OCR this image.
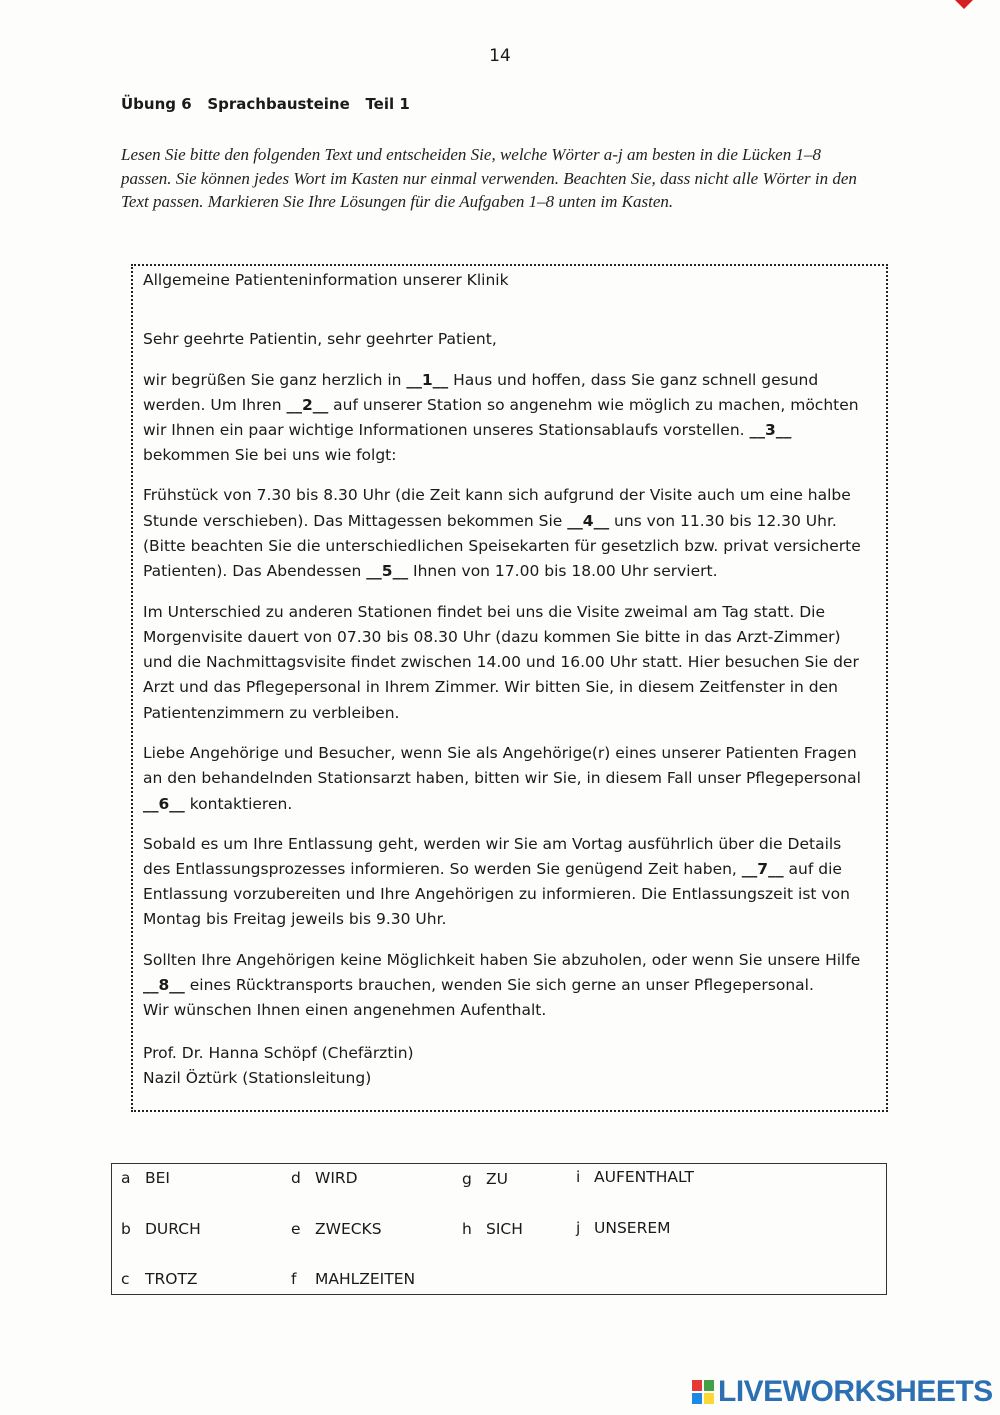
14
Übung 6   Sprachbausteine   Teil 1
Lesen Sie bitte den folgenden Text und entscheiden Sie, welche Wörter a-j am besten in die Lücken 1–8 passen. Sie können jedes Wort im Kasten nur einmal verwenden. Beachten Sie, dass nicht alle Wörter in den Text passen. Markieren Sie Ihre Lösungen für die Aufgaben 1–8 unten im Kasten.
Allgemeine Patienteninformation unserer Klinik
Sehr geehrte Patientin, sehr geehrter Patient,
wir begrüßen Sie ganz herzlich in __1__ Haus und hoffen, dass Sie ganz schnell gesund
werden. Um Ihren __2__ auf unserer Station so angenehm wie möglich zu machen, möchten
wir Ihnen ein paar wichtige Informationen unseres Stationsablaufs vorstellen. __3__
bekommen Sie bei uns wie folgt:
Frühstück von 7.30 bis 8.30 Uhr (die Zeit kann sich aufgrund der Visite auch um eine halbe
Stunde verschieben). Das Mittagessen bekommen Sie __4__ uns von 11.30 bis 12.30 Uhr.
(Bitte beachten Sie die unterschiedlichen Speisekarten für gesetzlich bzw. privat versicherte
Patienten). Das Abendessen __5__ Ihnen von 17.00 bis 18.00 Uhr serviert.
Im Unterschied zu anderen Stationen findet bei uns die Visite zweimal am Tag statt. Die
Morgenvisite dauert von 07.30 bis 08.30 Uhr (dazu kommen Sie bitte in das Arzt-Zimmer)
und die Nachmittagsvisite findet zwischen 14.00 und 16.00 Uhr statt. Hier besuchen Sie der
Arzt und das Pflegepersonal in Ihrem Zimmer. Wir bitten Sie, in diesem Zeitfenster in den
Patientenzimmern zu verbleiben.
Liebe Angehörige und Besucher, wenn Sie als Angehörige(r) eines unserer Patienten Fragen
an den behandelnden Stationsarzt haben, bitten wir Sie, in diesem Fall unser Pflegepersonal
__6__ kontaktieren.
Sobald es um Ihre Entlassung geht, werden wir Sie am Vortag ausführlich über die Details
des Entlassungsprozesses informieren. So werden Sie genügend Zeit haben, __7__ auf die
Entlassung vorzubereiten und Ihre Angehörigen zu informieren. Die Entlassungszeit ist von
Montag bis Freitag jeweils bis 9.30 Uhr.
Sollten Ihre Angehörigen keine Möglichkeit haben Sie abzuholen, oder wenn Sie unsere Hilfe
__8__ eines Rücktransports brauchen, wenden Sie sich gerne an unser Pflegepersonal.
Wir wünschen Ihnen einen angenehmen Aufenthalt.
Prof. Dr. Hanna Schöpf (Chefärztin)
Nazil Öztürk (Stationsleitung)
a BEI
b DURCH
c TROTZ
d WIRD
e ZWECKS
f MAHLZEITEN
g ZU
h SICH
i AUFENTHALT
j UNSEREM
LIVEWORKSHEETS
